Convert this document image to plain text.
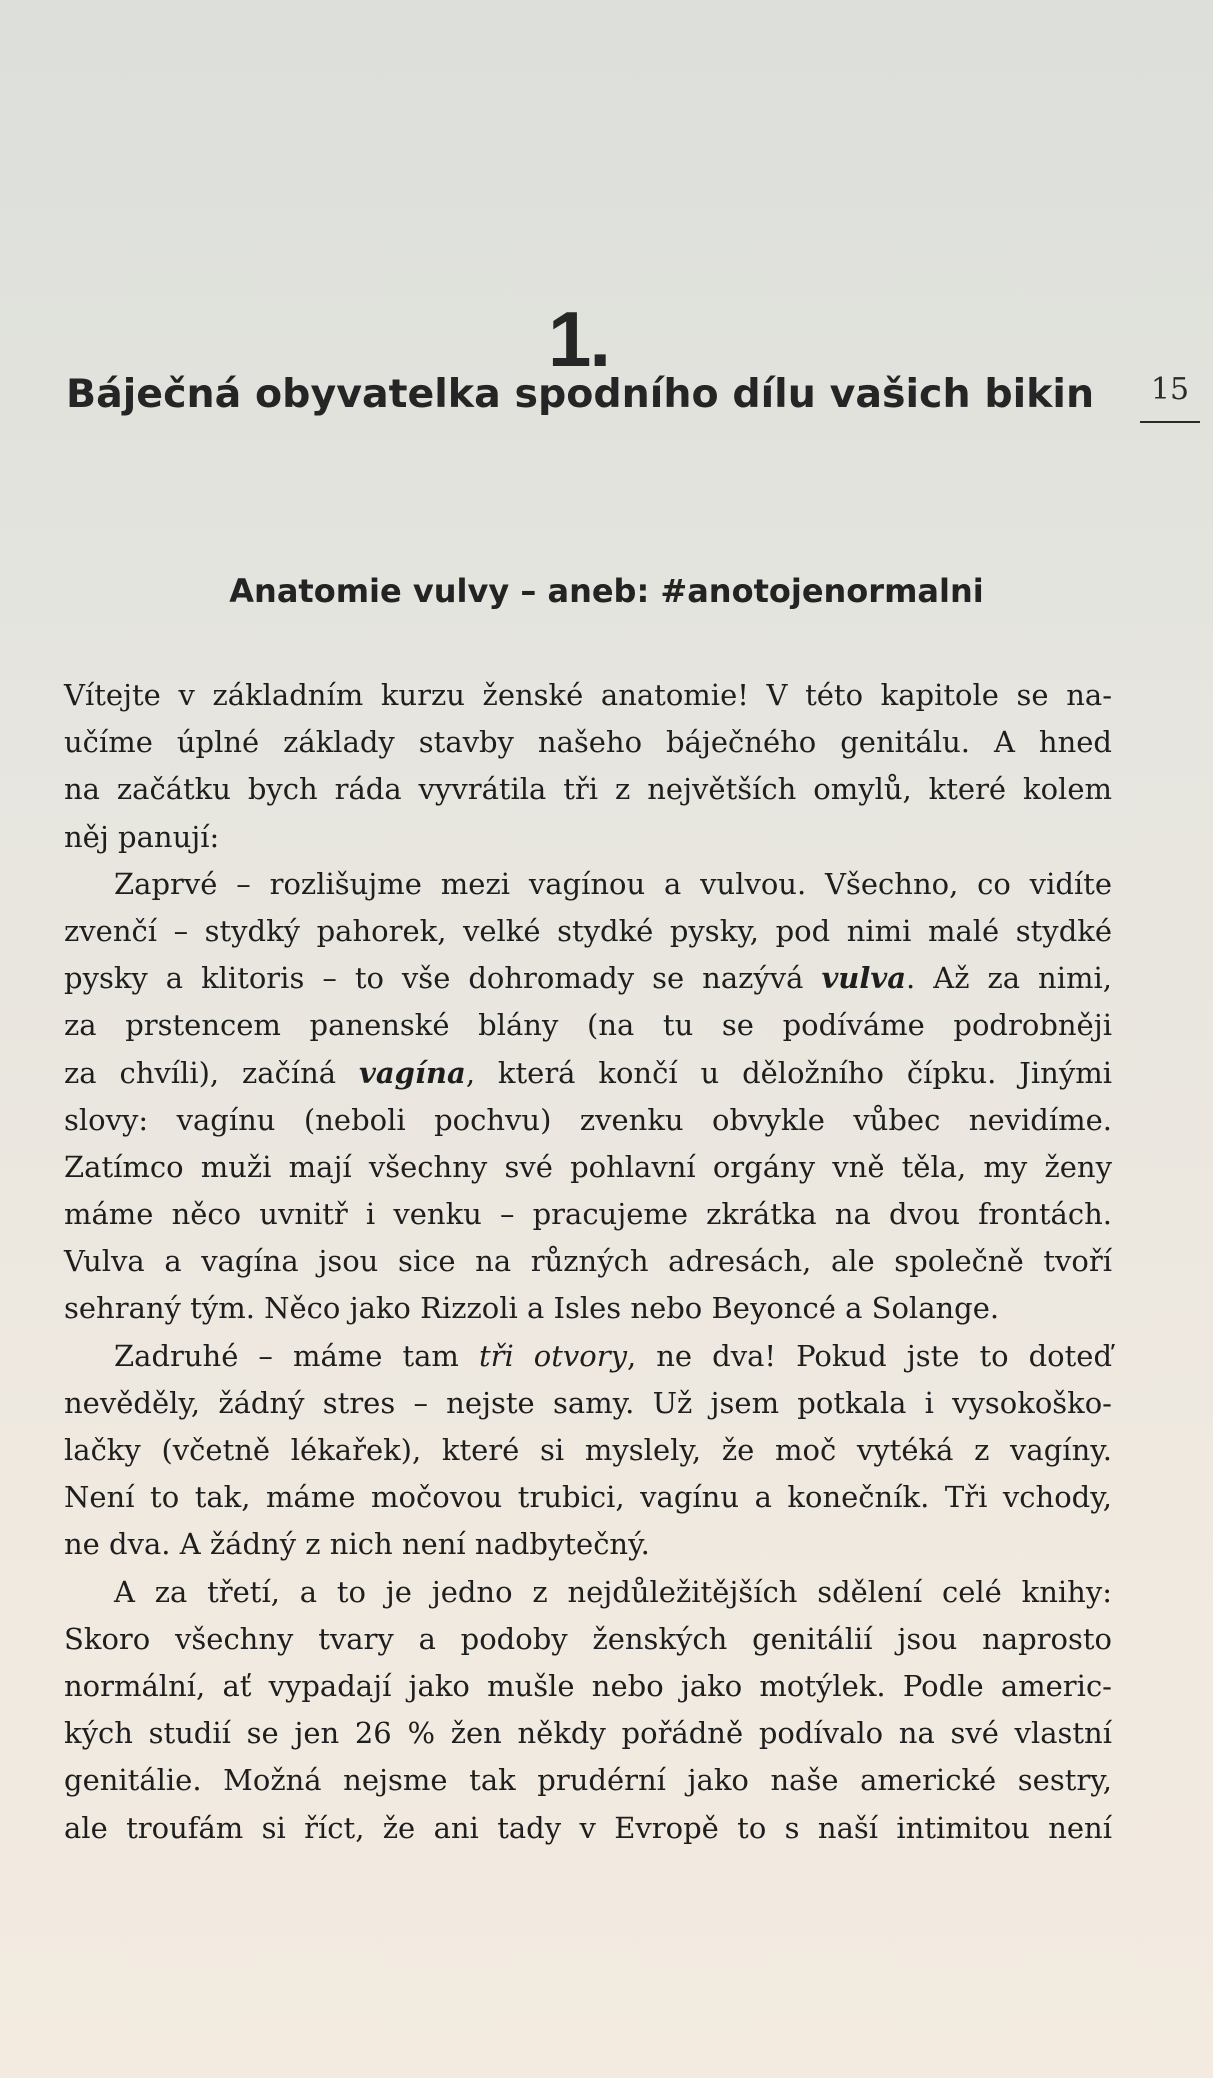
1.
Báječná obyvatelka spodního dílu vašich bikin	15
Anatomie vulvy – aneb: #anotojenormalni
Vítejte v základním kurzu ženské anatomie! V této kapitole se na-
učíme úplné základy stavby našeho báječného genitálu. A hned
na začátku bych ráda vyvrátila tři z největších omylů, které kolem
něj panují:
Zaprvé – rozlišujme mezi vagínou a vulvou. Všechno, co vidíte
zvenčí – stydký pahorek, velké stydké pysky, pod nimi malé stydké
pysky a klitoris – to vše dohromady se nazývá vulva. Až za nimi,
za prstencem panenské blány (na tu se podíváme podrobněji
za chvíli), začíná vagína, která končí u děložního čípku. Jinými
slovy: vagínu (neboli pochvu) zvenku obvykle vůbec nevidíme.
Zatímco muži mají všechny své pohlavní orgány vně těla, my ženy
máme něco uvnitř i venku – pracujeme zkrátka na dvou frontách.
Vulva a vagína jsou sice na různých adresách, ale společně tvoří
sehraný tým. Něco jako Rizzoli a Isles nebo Beyoncé a Solange.
Zadruhé – máme tam tři otvory, ne dva! Pokud jste to doteď
nevěděly, žádný stres – nejste samy. Už jsem potkala i vysokoško-
lačky (včetně lékařek), které si myslely, že moč vytéká z vagíny.
Není to tak, máme močovou trubici, vagínu a konečník. Tři vchody,
ne dva. A žádný z nich není nadbytečný.
A za třetí, a to je jedno z nejdůležitějších sdělení celé knihy:
Skoro všechny tvary a podoby ženských genitálií jsou naprosto
normální, ať vypadají jako mušle nebo jako motýlek. Podle americ-
kých studií se jen 26 % žen někdy pořádně podívalo na své vlastní
genitálie. Možná nejsme tak prudérní jako naše americké sestry,
ale troufám si říct, že ani tady v Evropě to s naší intimitou není
